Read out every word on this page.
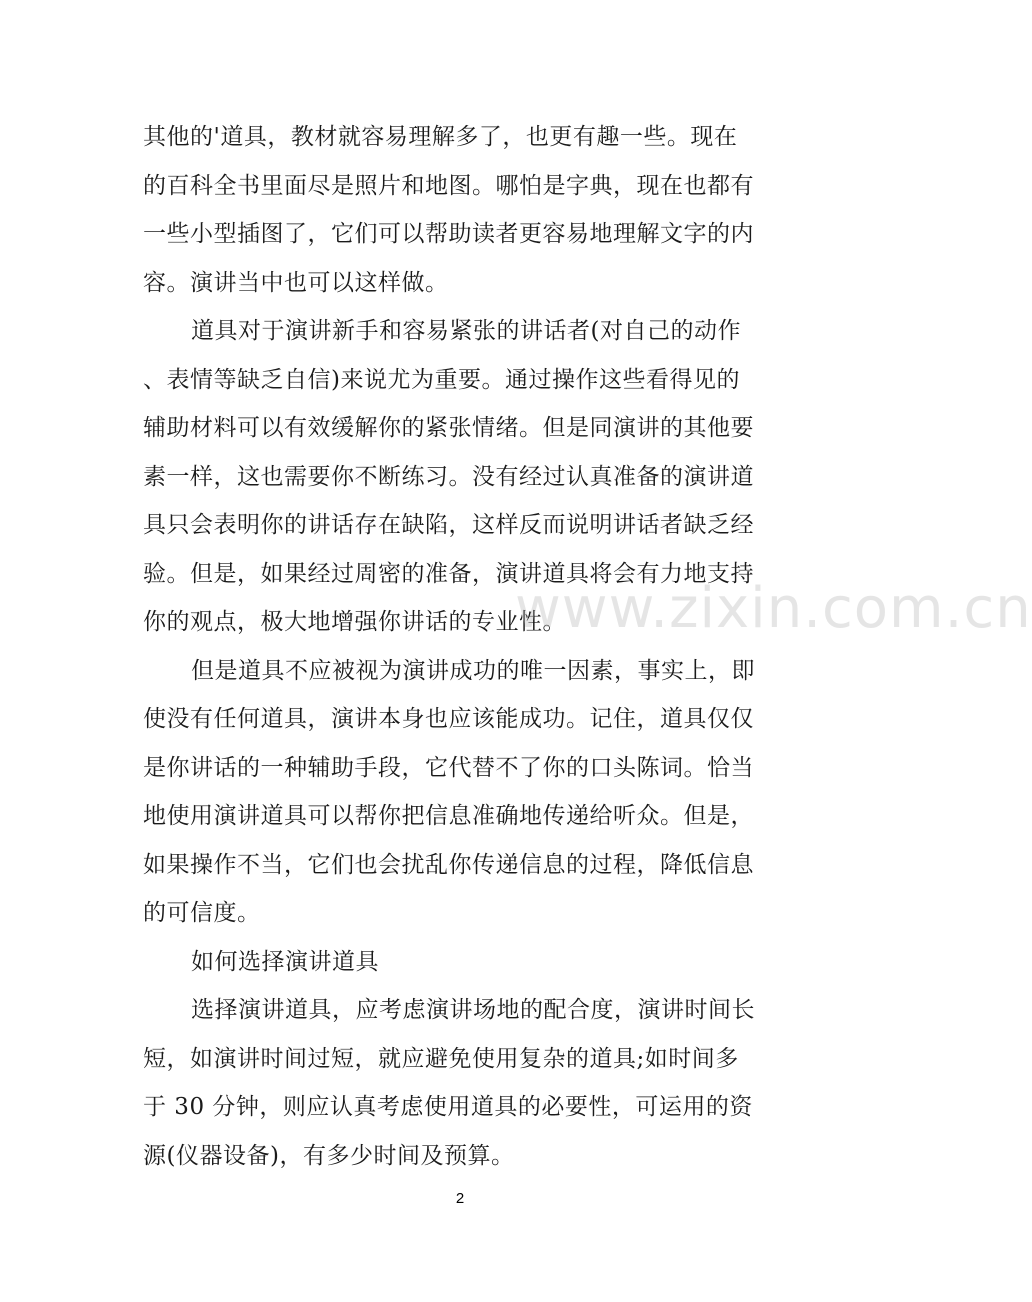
其他的'道具，教材就容易理解多了，也更有趣一些。现在
的百科全书里面尽是照片和地图。哪怕是字典，现在也都有
一些小型插图了，它们可以帮助读者更容易地理解文字的内
容。演讲当中也可以这样做。
道具对于演讲新手和容易紧张的讲话者(对自己的动作
、表情等缺乏自信)来说尤为重要。通过操作这些看得见的
辅助材料可以有效缓解你的紧张情绪。但是同演讲的其他要
素一样，这也需要你不断练习。没有经过认真准备的演讲道
具只会表明你的讲话存在缺陷，这样反而说明讲话者缺乏经
验。但是，如果经过周密的准备，演讲道具将会有力地支持
你的观点，极大地增强你讲话的专业性。
但是道具不应被视为演讲成功的唯一因素，事实上，即
使没有任何道具，演讲本身也应该能成功。记住，道具仅仅
是你讲话的一种辅助手段，它代替不了你的口头陈词。恰当
地使用演讲道具可以帮你把信息准确地传递给听众。但是，
如果操作不当，它们也会扰乱你传递信息的过程，降低信息
的可信度。
如何选择演讲道具
选择演讲道具，应考虑演讲场地的配合度，演讲时间长
短，如演讲时间过短，就应避免使用复杂的道具;如时间多
于 30 分钟，则应认真考虑使用道具的必要性，可运用的资
源(仪器设备)，有多少时间及预算。
www.zixin.com.cn
2
